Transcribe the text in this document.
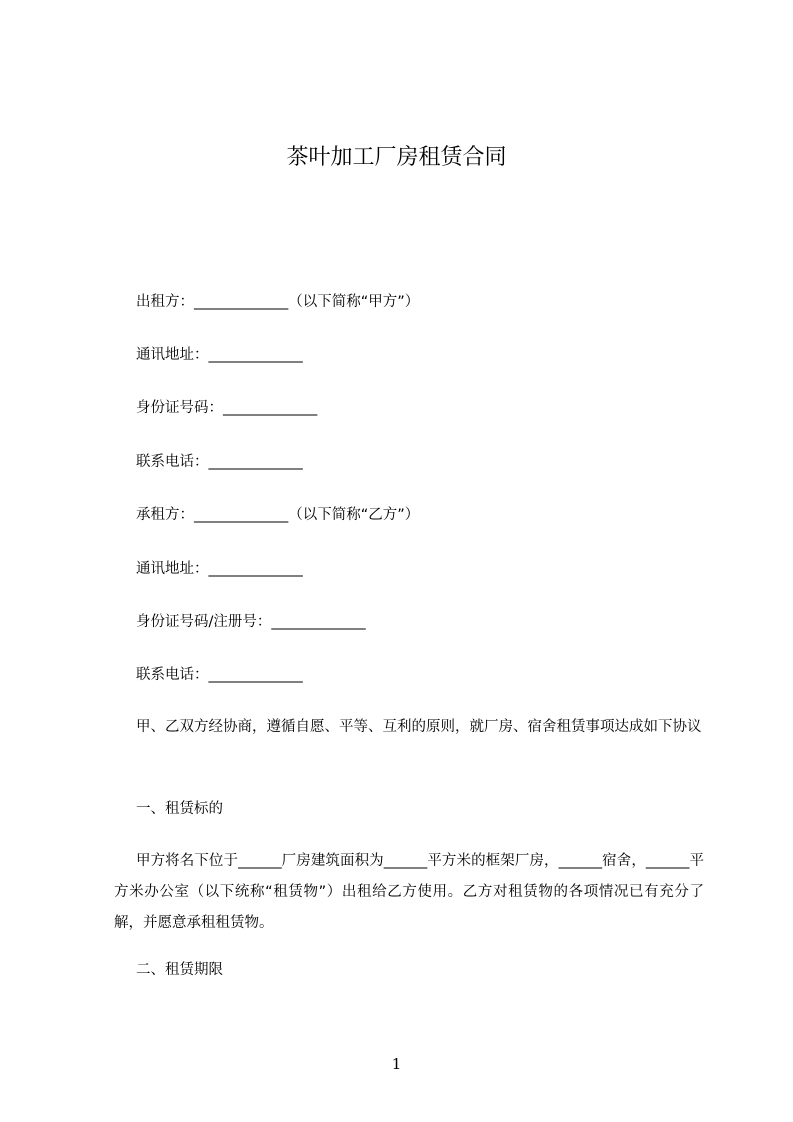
茶叶加工厂房租赁合同
出租方：_____________（以下简称“甲方”）
通讯地址：_____________
身份证号码：_____________
联系电话：_____________
承租方：_____________（以下简称“乙方”）
通讯地址：_____________
身份证号码/注册号：_____________
联系电话：_____________
甲、乙双方经协商，遵循自愿、平等、互利的原则，就厂房、宿舍租赁事项达成如下协议
一、租赁标的
甲方将名下位于______厂房建筑面积为______平方米的框架厂房，______宿舍，______平方米办公室（以下统称“租赁物”）出租给乙方使用。乙方对租赁物的各项情况已有充分了解，并愿意承租租赁物。
二、租赁期限
1
